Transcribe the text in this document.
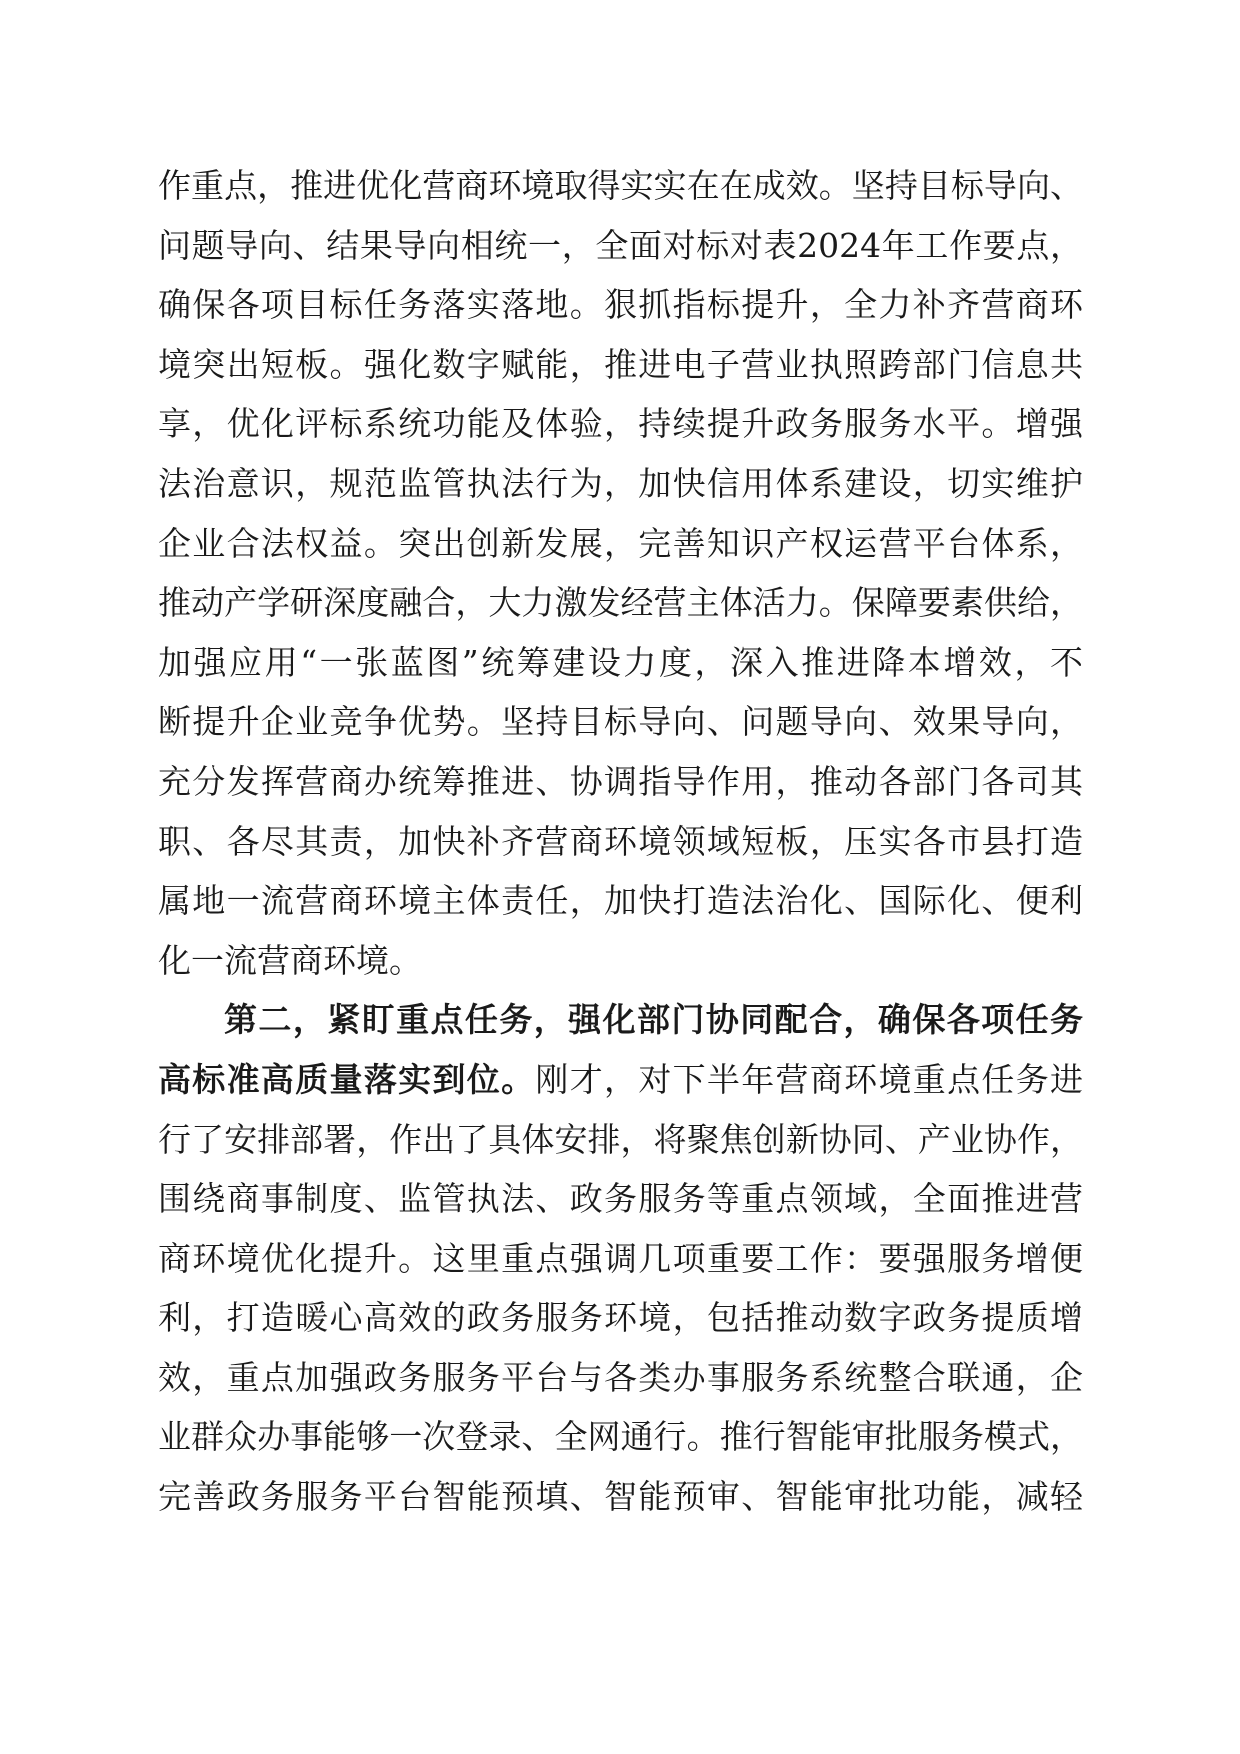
作重点，推进优化营商环境取得实实在在成效。坚持目标导向、
问题导向、结果导向相统一，全面对标对表2024年工作要点，
确保各项目标任务落实落地。狠抓指标提升，全力补齐营商环
境突出短板。强化数字赋能，推进电子营业执照跨部门信息共
享，优化评标系统功能及体验，持续提升政务服务水平。增强
法治意识，规范监管执法行为，加快信用体系建设，切实维护
企业合法权益。突出创新发展，完善知识产权运营平台体系，
推动产学研深度融合，大力激发经营主体活力。保障要素供给，
加强应用“一张蓝图”统筹建设力度，深入推进降本增效，不
断提升企业竞争优势。坚持目标导向、问题导向、效果导向，
充分发挥营商办统筹推进、协调指导作用，推动各部门各司其
职、各尽其责，加快补齐营商环境领域短板，压实各市县打造
属地一流营商环境主体责任，加快打造法治化、国际化、便利
化一流营商环境。
第二，紧盯重点任务，强化部门协同配合，确保各项任务
高标准高质量落实到位。刚才，对下半年营商环境重点任务进
行了安排部署，作出了具体安排，将聚焦创新协同、产业协作，
围绕商事制度、监管执法、政务服务等重点领域，全面推进营
商环境优化提升。这里重点强调几项重要工作：要强服务增便
利，打造暖心高效的政务服务环境，包括推动数字政务提质增
效，重点加强政务服务平台与各类办事服务系统整合联通，企
业群众办事能够一次登录、全网通行。推行智能审批服务模式，
完善政务服务平台智能预填、智能预审、智能审批功能，减轻
